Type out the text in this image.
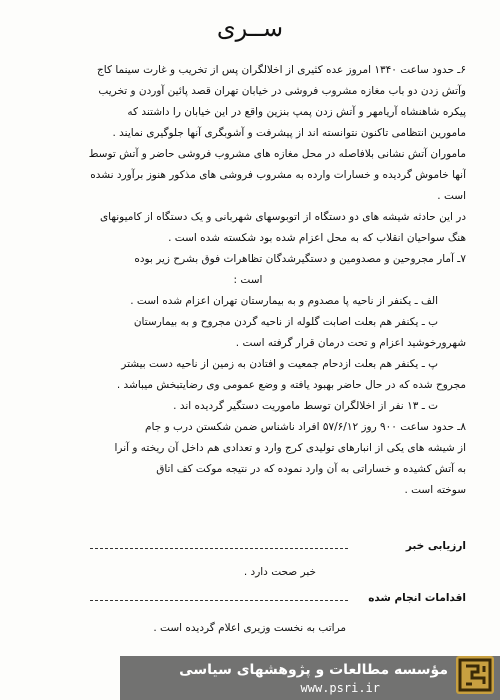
ســری
۶ـ حدود ساعت ۱۳۴۰ امروز عده کثیری از اخلالگران پس از تخریب و غارت سینما کاج
وآتش زدن دو باب مغازه مشروب فروشی در خیابان تهران قصد پائین آوردن و تخریب
پیکره شاهنشاه آریامهر و آتش زدن پمپ بنزین واقع در این خیابان را داشتند که
مامورین انتظامی تاکنون نتوانسته اند از پیشرفت و آشوبگری آنها جلوگیری نمایند .
ماموران آتش نشانی بلافاصله در محل مغازه های مشروب فروشی حاضر و آتش توسط
آنها خاموش گردیده و خسارات وارده به مشروب فروشی های مذکور هنوز برآورد نشده
است .
در این حادثه شیشه های دو دستگاه از اتوبوسهای شهربانی و یک دستگاه از کامیونهای
هنگ سواحیان انقلاب که به محل اعزام شده بود شکسته شده است .
۷ـ آمار مجروحین و مصدومین و دستگیرشدگان تظاهرات فوق بشرح زیر بوده
است :
الف ـ یکنفر از ناحیه پا مصدوم و به بیمارستان تهران اعزام شده است .
ب ـ یکنفر هم بعلت اصابت گلوله از ناحیه گردن مجروح و به بیمارستان
شهرورخوشید اعزام و تحت درمان قرار گرفته است .
پ ـ یکنفر هم بعلت ازدحام جمعیت و افتادن به زمین از ناحیه دست بیشتر
مجروح شده که در حال حاضر بهبود یافته و وضع عمومی وی رضایتبخش میباشد .
ت ـ ۱۳ نفر از اخلالگران توسط ماموریت دستگیر گردیده اند .
۸ـ حدود ساعت ۹۰۰ روز ۵۷/۶/۱۲ افراد ناشناس ضمن شکستن درب و جام
از شیشه های یکی از انبارهای تولیدی کرج وارد و تعدادی هم داخل آن ریخته و آنرا
به آتش کشیده و خساراتی به آن وارد نموده که در نتیجه موکت کف اتاق
سوخته است .
ارزیابی خبر
خبر صحت دارد .
اقدامات انجام شده
مراتب به نخست وزیری اعلام گردیده است .
مؤسسه مطالعات و پژوهشهای سیاسی
www.psri.ir
